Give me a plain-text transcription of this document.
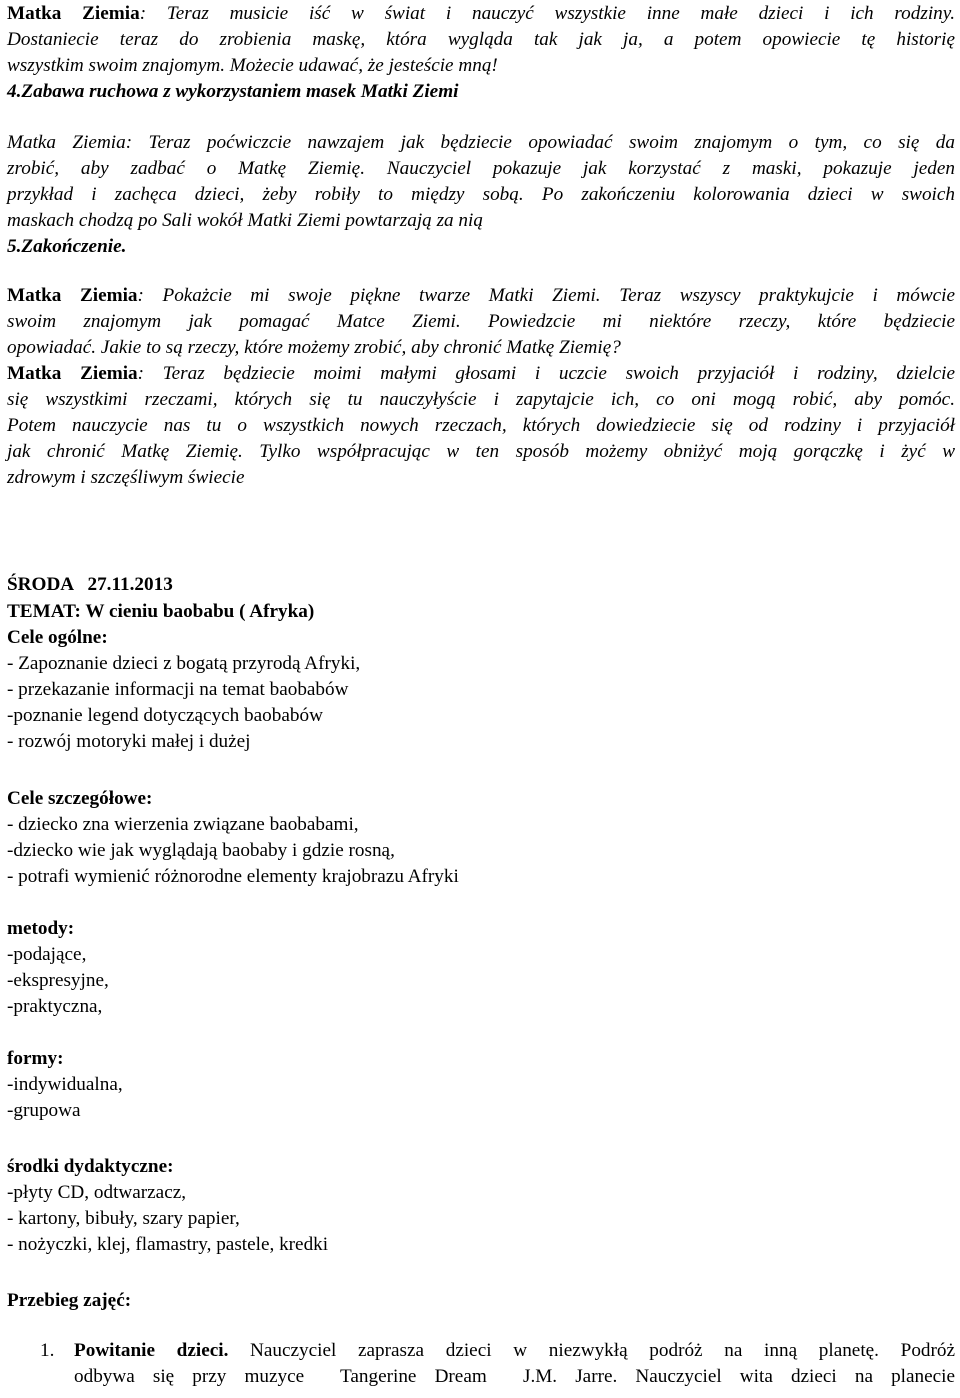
Matka Ziemia: Teraz musicie iść w świat i nauczyć wszystkie inne małe dzieci i ich rodziny.
Dostaniecie teraz do zrobienia maskę, która wygląda tak jak ja, a potem opowiecie tę historię
wszystkim swoim znajomym. Możecie udawać, że jesteście mną!
4.Zabawa ruchowa z wykorzystaniem masek Matki Ziemi
Matka Ziemia: Teraz poćwiczcie nawzajem jak będziecie opowiadać swoim znajomym o tym, co się da
zrobić, aby zadbać o Matkę Ziemię. Nauczyciel pokazuje jak korzystać z maski, pokazuje jeden
przykład i zachęca dzieci, żeby robiły to między sobą. Po zakończeniu kolorowania dzieci w swoich
maskach chodzą po Sali wokół Matki Ziemi powtarzają za nią
5.Zakończenie.
Matka Ziemia: Pokażcie mi swoje piękne twarze Matki Ziemi. Teraz wszyscy praktykujcie i mówcie
swoim znajomym jak pomagać Matce Ziemi. Powiedzcie mi niektóre rzeczy, które będziecie
opowiadać. Jakie to są rzeczy, które możemy zrobić, aby chronić Matkę Ziemię?
Matka Ziemia: Teraz będziecie moimi małymi głosami i uczcie swoich przyjaciół i rodziny, dzielcie
się wszystkimi rzeczami, których się tu nauczyłyście i zapytajcie ich, co oni mogą robić, aby pomóc.
Potem nauczycie nas tu o wszystkich nowych rzeczach, których dowiedziecie się od rodziny i przyjaciół
jak chronić Matkę Ziemię. Tylko współpracując w ten sposób możemy obniżyć moją gorączkę i żyć w
zdrowym i szczęśliwym świecie
ŚRODA   27.11.2013
TEMAT: W cieniu baobabu ( Afryka)
Cele ogólne:
- Zapoznanie dzieci z bogatą przyrodą Afryki,
- przekazanie informacji na temat baobabów
-poznanie legend dotyczących baobabów
- rozwój motoryki małej i dużej
Cele szczegółowe:
- dziecko zna wierzenia związane baobabami,
-dziecko wie jak wyglądają baobaby i gdzie rosną,
- potrafi wymienić różnorodne elementy krajobrazu Afryki
metody:
-podające,
-ekspresyjne,
-praktyczna,
formy:
-indywidualna,
-grupowa
środki dydaktyczne:
-płyty CD, odtwarzacz,
- kartony, bibuły, szary papier,
- nożyczki, klej, flamastry, pastele, kredki
Przebieg zajęć:
1. Powitanie dzieci. Nauczyciel zaprasza dzieci w niezwykłą podróż na inną planetę. Podróż
odbywa się przy muzyce  Tangerine Dream  J.M. Jarre. Nauczyciel wita dzieci na planecie
